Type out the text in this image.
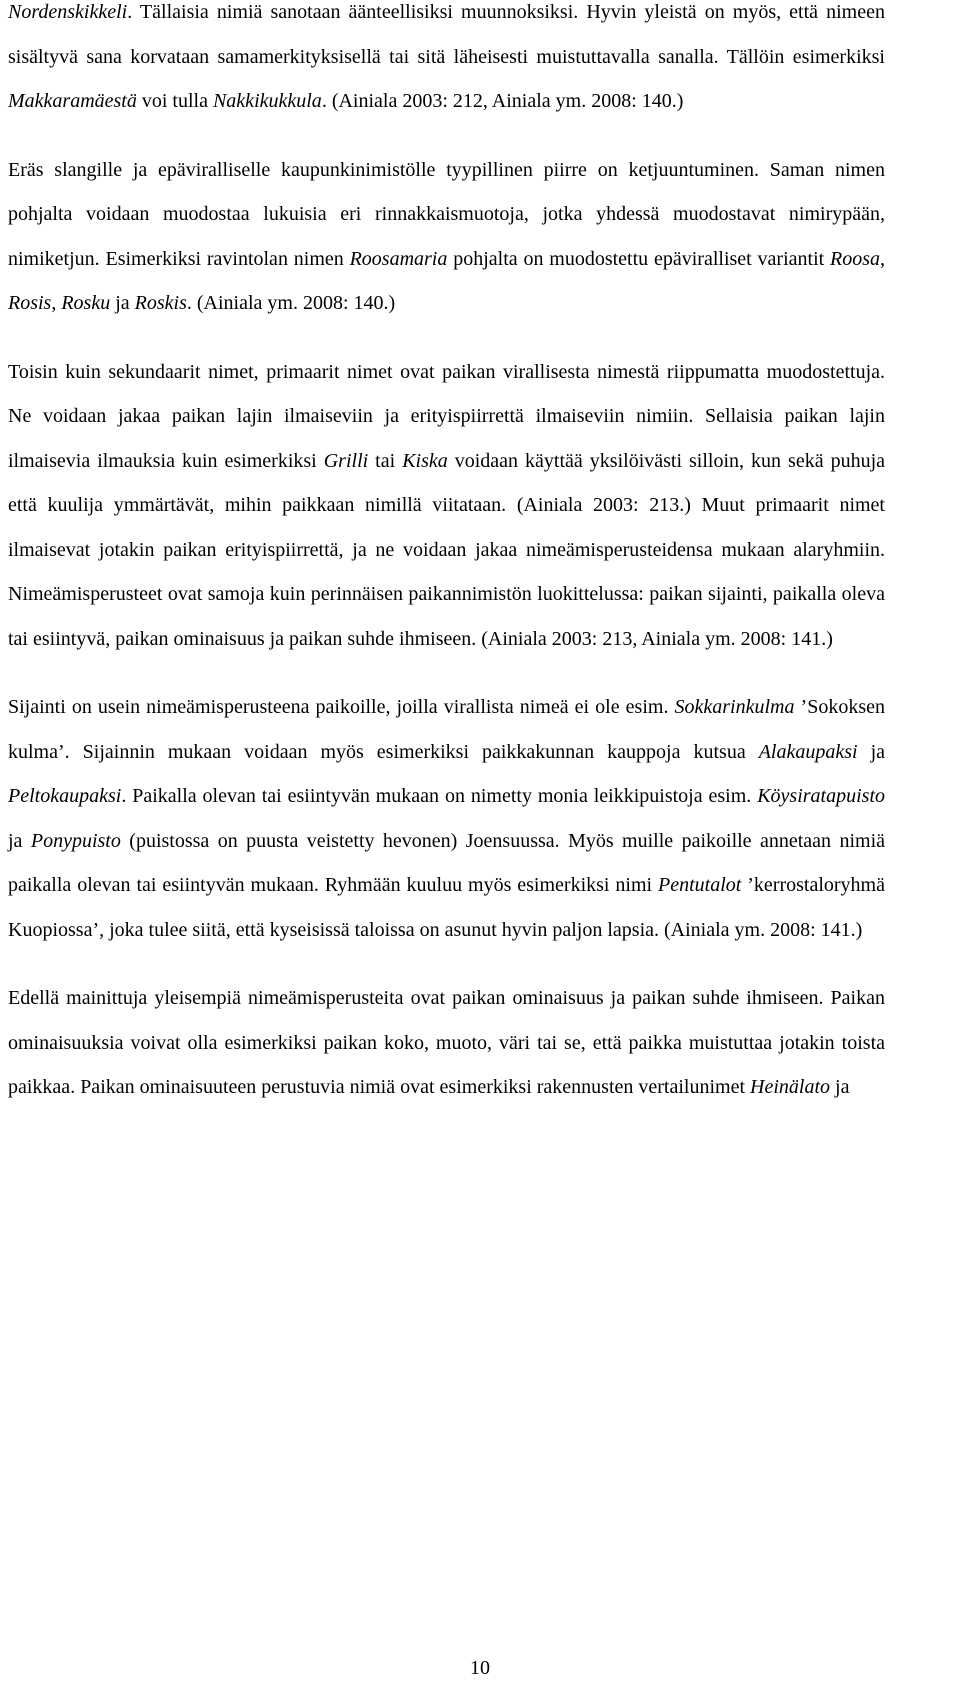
Nordenskikkeli. Tällaisia nimiä sanotaan äänteellisiksi muunnoksiksi. Hyvin yleistä on myös, että nimeen sisältyvä sana korvataan samamerkityksisellä tai sitä läheisesti muistuttavalla sanalla. Tällöin esimerkiksi Makkaramäestä voi tulla Nakkikukkula. (Ainiala 2003: 212, Ainiala ym. 2008: 140.)

Eräs slangille ja epäviralliselle kaupunkinimistölle tyypillinen piirre on ketjuuntuminen. Saman nimen pohjalta voidaan muodostaa lukuisia eri rinnakkaismuotoja, jotka yhdessä muodostavat nimirypään, nimiketjun. Esimerkiksi ravintolan nimen Roosamaria pohjalta on muodostettu epäviralliset variantit Roosa, Rosis, Rosku ja Roskis. (Ainiala ym. 2008: 140.)

Toisin kuin sekundaarit nimet, primaarit nimet ovat paikan virallisesta nimestä riippumatta muodostettuja. Ne voidaan jakaa paikan lajin ilmaiseviin ja erityispiirrettä ilmaiseviin nimiin. Sellaisia paikan lajin ilmaisevia ilmauksia kuin esimerkiksi Grilli tai Kiska voidaan käyttää yksilöivästi silloin, kun sekä puhuja että kuulija ymmärtävät, mihin paikkaan nimillä viitataan. (Ainiala 2003: 213.) Muut primaarit nimet ilmaisevat jotakin paikan erityispiirrettä, ja ne voidaan jakaa nimeämisperusteidensa mukaan alaryhmiin. Nimeämisperusteet ovat samoja kuin perinnäisen paikannimistön luokittelussa: paikan sijainti, paikalla oleva tai esiintyvä, paikan ominaisuus ja paikan suhde ihmiseen. (Ainiala 2003: 213, Ainiala ym. 2008: 141.)

Sijainti on usein nimeämisperusteena paikoille, joilla virallista nimeä ei ole esim. Sokkarinkulma ’Sokoksen kulma’. Sijainnin mukaan voidaan myös esimerkiksi paikkakunnan kauppoja kutsua Alakaupaksi ja Peltokaupaksi. Paikalla olevan tai esiintyvän mukaan on nimetty monia leikkipuistoja esim. Köysiratapuisto ja Ponypuisto (puistossa on puusta veistetty hevonen) Joensuussa. Myös muille paikoille annetaan nimiä paikalla olevan tai esiintyvän mukaan. Ryhmään kuuluu myös esimerkiksi nimi Pentutalot ’kerrostaloryhmä Kuopiossa’, joka tulee siitä, että kyseisissä taloissa on asunut hyvin paljon lapsia. (Ainiala ym. 2008: 141.)

Edellä mainittuja yleisempiä nimeämisperusteita ovat paikan ominaisuus ja paikan suhde ihmiseen. Paikan ominaisuuksia voivat olla esimerkiksi paikan koko, muoto, väri tai se, että paikka muistuttaa jotakin toista paikkaa. Paikan ominaisuuteen perustuvia nimiä ovat esimerkiksi rakennusten vertailunimet Heinälato ja

10
